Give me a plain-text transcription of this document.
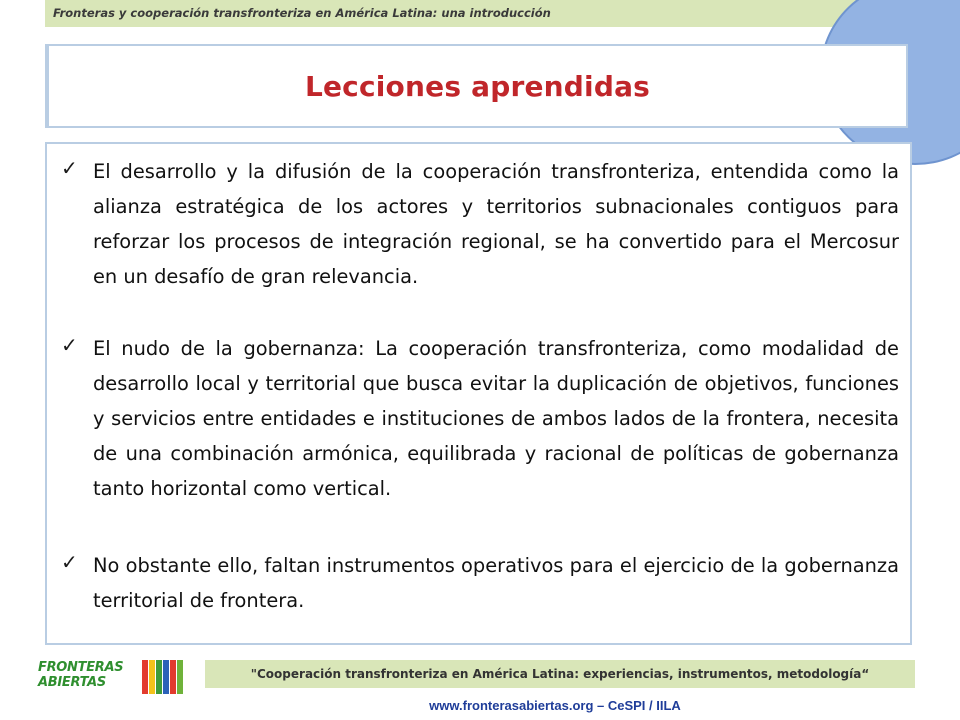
Fronteras y cooperación transfronteriza en América Latina: una introducción
Lecciones aprendidas
✓ El desarrollo y la difusión de la cooperación transfronteriza, entendida como la alianza estratégica de los actores y territorios subnacionales contiguos para reforzar los procesos de integración regional, se ha convertido para el Mercosur en un desafío de gran relevancia.
✓ El nudo de la gobernanza: La cooperación transfronteriza, como modalidad de desarrollo local y territorial que busca evitar la duplicación de objetivos, funciones y servicios entre entidades e instituciones de ambos lados de la frontera, necesita de una combinación armónica, equilibrada y racional de políticas de gobernanza tanto horizontal como vertical.
✓ No obstante ello, faltan instrumentos operativos para el ejercicio de la gobernanza territorial de frontera.
FRONTERAS
ABIERTAS
"Cooperación transfronteriza en América Latina: experiencias, instrumentos, metodología“
www.fronterasabiertas.org – CeSPI / IILA
